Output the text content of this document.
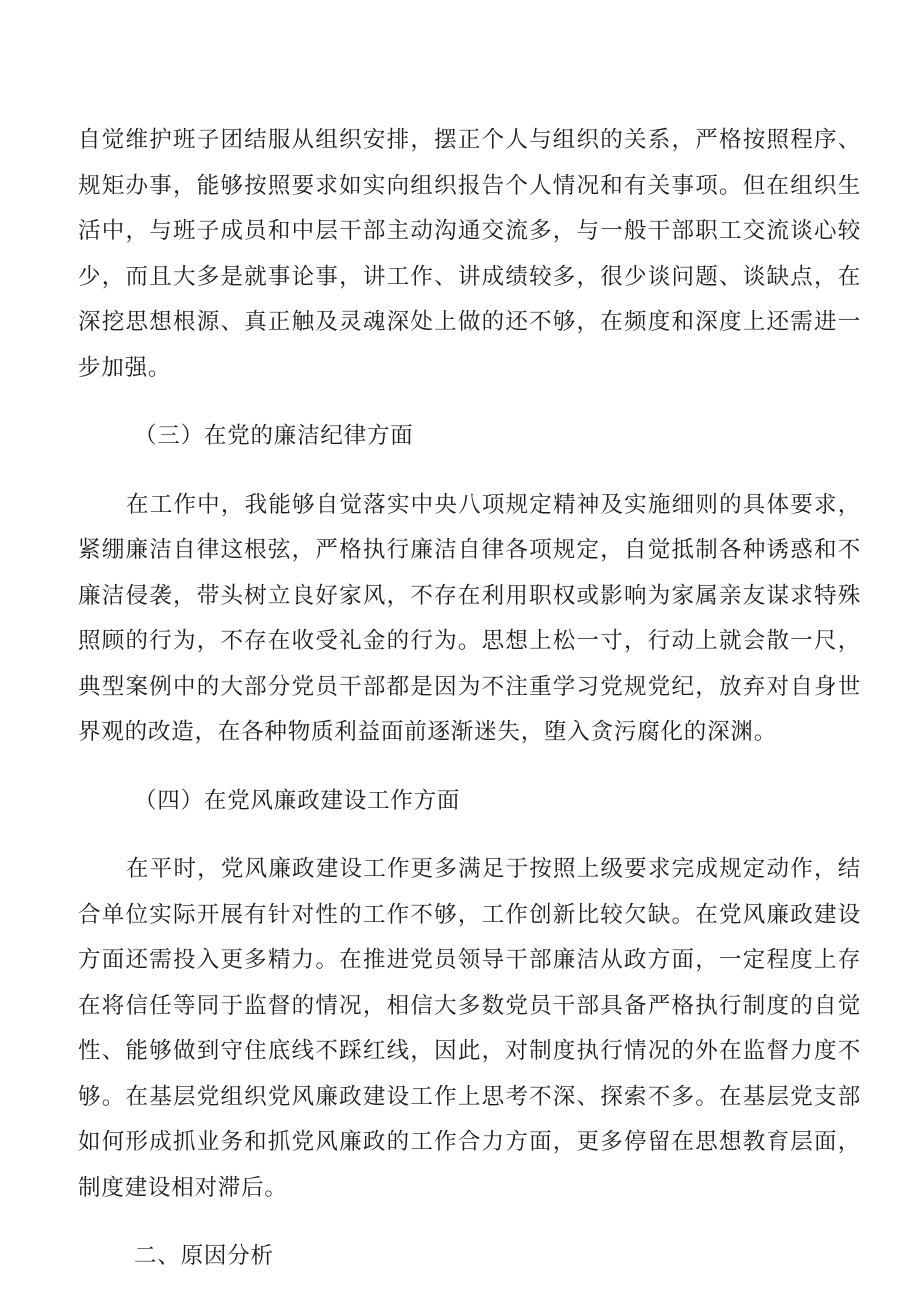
自觉维护班子团结服从组织安排，摆正个人与组织的关系，严格按照程序、规矩办事，能够按照要求如实向组织报告个人情况和有关事项。但在组织生活中，与班子成员和中层干部主动沟通交流多，与一般干部职工交流谈心较少，而且大多是就事论事，讲工作、讲成绩较多，很少谈问题、谈缺点，在深挖思想根源、真正触及灵魂深处上做的还不够，在频度和深度上还需进一步加强。

（三）在党的廉洁纪律方面

在工作中，我能够自觉落实中央八项规定精神及实施细则的具体要求，紧绷廉洁自律这根弦，严格执行廉洁自律各项规定，自觉抵制各种诱惑和不廉洁侵袭，带头树立良好家风，不存在利用职权或影响为家属亲友谋求特殊照顾的行为，不存在收受礼金的行为。思想上松一寸，行动上就会散一尺，典型案例中的大部分党员干部都是因为不注重学习党规党纪，放弃对自身世界观的改造，在各种物质利益面前逐渐迷失，堕入贪污腐化的深渊。

（四）在党风廉政建设工作方面

在平时，党风廉政建设工作更多满足于按照上级要求完成规定动作，结合单位实际开展有针对性的工作不够，工作创新比较欠缺。在党风廉政建设方面还需投入更多精力。在推进党员领导干部廉洁从政方面，一定程度上存在将信任等同于监督的情况，相信大多数党员干部具备严格执行制度的自觉性、能够做到守住底线不踩红线，因此，对制度执行情况的外在监督力度不够。在基层党组织党风廉政建设工作上思考不深、探索不多。在基层党支部如何形成抓业务和抓党风廉政的工作合力方面，更多停留在思想教育层面，制度建设相对滞后。

二、原因分析
